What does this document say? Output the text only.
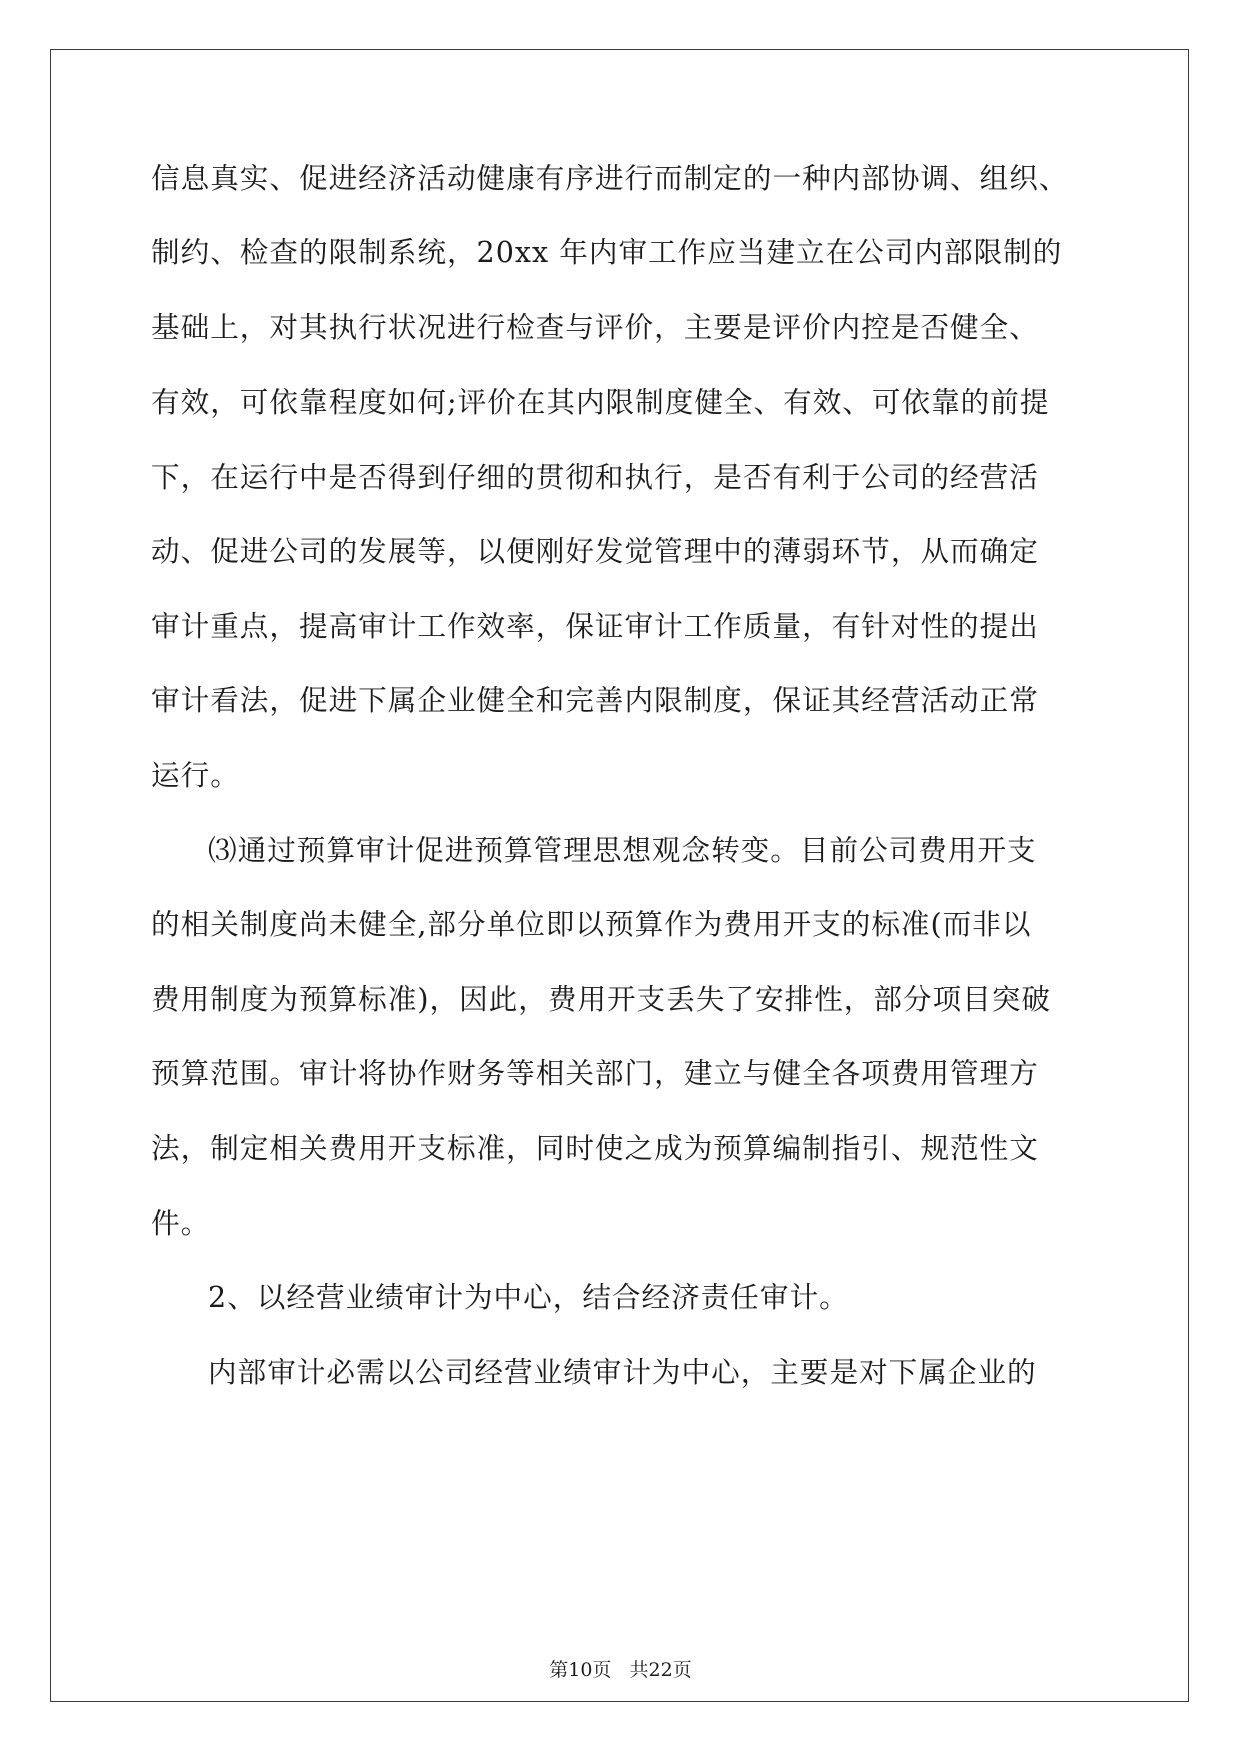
信息真实、促进经济活动健康有序进行而制定的一种内部协调、组织、

制约、检查的限制系统，20xx 年内审工作应当建立在公司内部限制的

基础上，对其执行状况进行检查与评价，主要是评价内控是否健全、

有效，可依靠程度如何;评价在其内限制度健全、有效、可依靠的前提

下，在运行中是否得到仔细的贯彻和执行，是否有利于公司的经营活

动、促进公司的发展等，以便刚好发觉管理中的薄弱环节，从而确定

审计重点，提高审计工作效率，保证审计工作质量，有针对性的提出

审计看法，促进下属企业健全和完善内限制度，保证其经营活动正常

运行。

⑶通过预算审计促进预算管理思想观念转变。目前公司费用开支

的相关制度尚未健全,部分单位即以预算作为费用开支的标准(而非以

费用制度为预算标准)，因此，费用开支丢失了安排性，部分项目突破

预算范围。审计将协作财务等相关部门，建立与健全各项费用管理方

法，制定相关费用开支标准，同时使之成为预算编制指引、规范性文

件。

2、以经营业绩审计为中心，结合经济责任审计。

内部审计必需以公司经营业绩审计为中心，主要是对下属企业的

第10页   共22页
